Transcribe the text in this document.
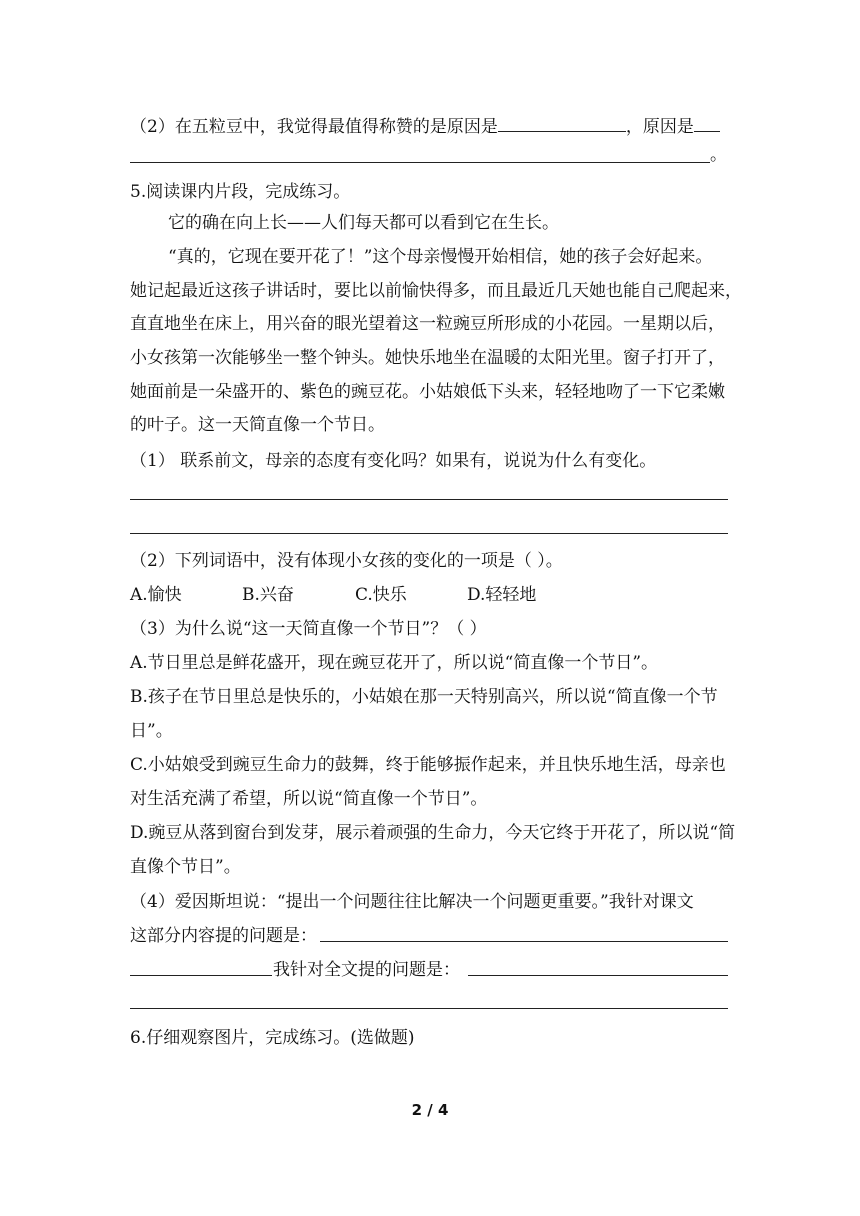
（2）在五粒豆中，我觉得最值得称赞的是原因是	，原因是
。
5.阅读课内片段，完成练习。
它的确在向上长——人们每天都可以看到它在生长。
“真的，它现在要开花了！”这个母亲慢慢开始相信，她的孩子会好起来。
她记起最近这孩子讲话时，要比以前愉快得多，而且最近几天她也能自己爬起来，
直直地坐在床上，用兴奋的眼光望着这一粒豌豆所形成的小花园。一星期以后，
小女孩第一次能够坐一整个钟头。她快乐地坐在温暖的太阳光里。窗子打开了，
她面前是一朵盛开的、紫色的豌豆花。小姑娘低下头来，轻轻地吻了一下它柔嫩
的叶子。这一天简直像一个节日。
（1） 联系前文，母亲的态度有变化吗？如果有，说说为什么有变化。
（2）下列词语中，没有体现小女孩的变化的一项是（ ）。
A.愉快	B.兴奋	C.快乐	D.轻轻地
（3）为什么说“这一天简直像一个节日”？（ ）
A.节日里总是鲜花盛开，现在豌豆花开了，所以说“简直像一个节日”。
B.孩子在节日里总是快乐的，小姑娘在那一天特别高兴，所以说“简直像一个节
日”。
C.小姑娘受到豌豆生命力的鼓舞，终于能够振作起来，并且快乐地生活，母亲也
对生活充满了希望，所以说“简直像一个节日”。
D.豌豆从落到窗台到发芽，展示着顽强的生命力，今天它终于开花了，所以说“简
直像个节日”。
（4）爱因斯坦说：“提出一个问题往往比解决一个问题更重要。”我针对课文
这部分内容提的问题是：
我针对全文提的问题是：
6.仔细观察图片，完成练习。(选做题)
2 / 4
